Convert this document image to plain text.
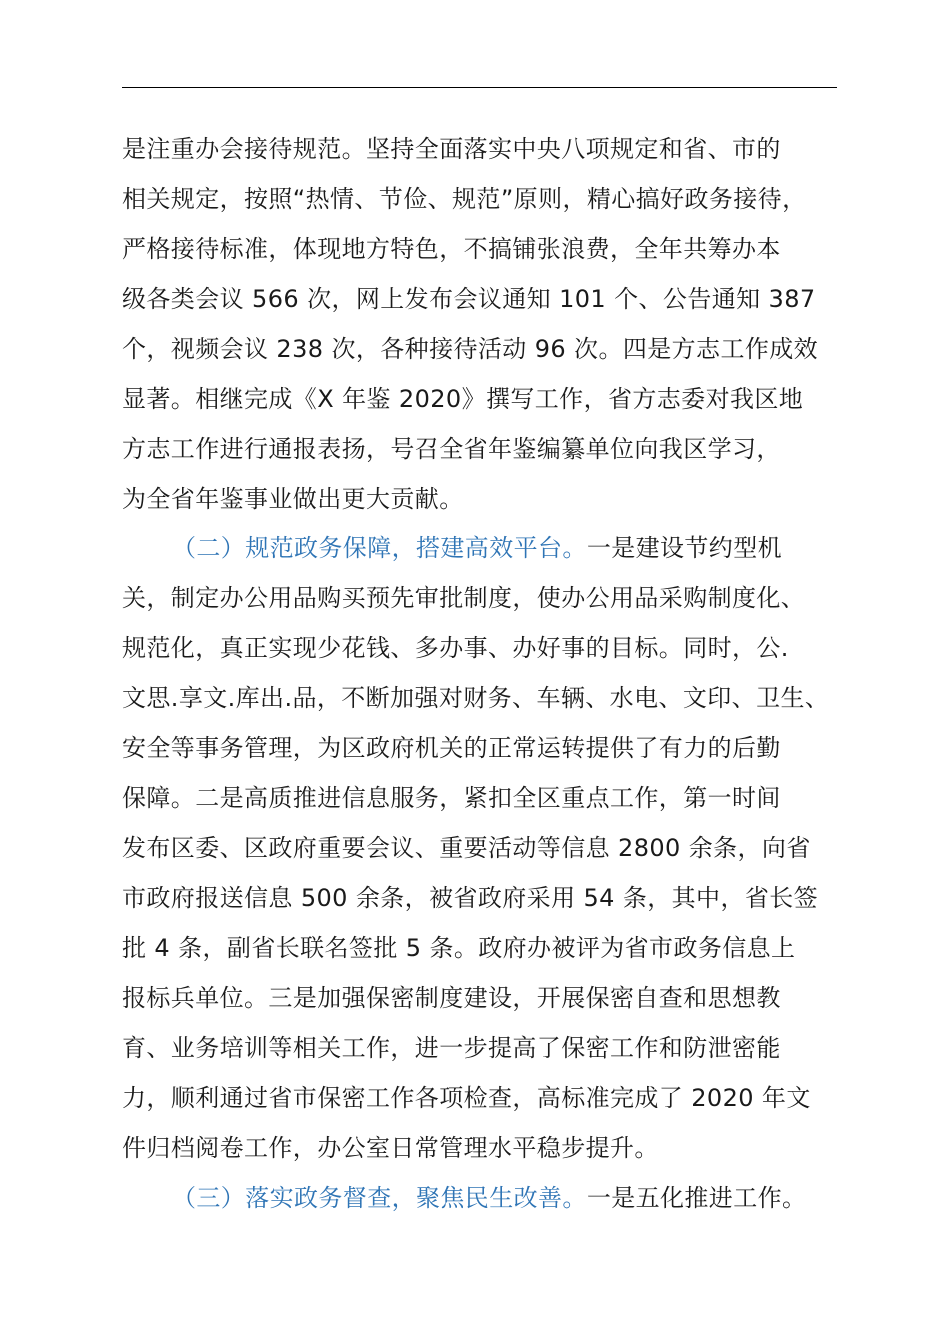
是注重办会接待规范。坚持全面落实中央八项规定和省、市的
相关规定，按照“热情、节俭、规范”原则，精心搞好政务接待，
严格接待标准，体现地方特色，不搞铺张浪费，全年共筹办本
级各类会议 566 次，网上发布会议通知 101 个、公告通知 387
个，视频会议 238 次，各种接待活动 96 次。四是方志工作成效
显著。相继完成《X 年鉴 2020》撰写工作，省方志委对我区地
方志工作进行通报表扬，号召全省年鉴编纂单位向我区学习，
为全省年鉴事业做出更大贡献。
（二）规范政务保障，搭建高效平台。一是建设节约型机
关，制定办公用品购买预先审批制度，使办公用品采购制度化、
规范化，真正实现少花钱、多办事、办好事的目标。同时，公.
文思.享文.库出.品，不断加强对财务、车辆、水电、文印、卫生、
安全等事务管理，为区政府机关的正常运转提供了有力的后勤
保障。二是高质推进信息服务，紧扣全区重点工作，第一时间
发布区委、区政府重要会议、重要活动等信息 2800 余条，向省
市政府报送信息 500 余条，被省政府采用 54 条，其中，省长签
批 4 条，副省长联名签批 5 条。政府办被评为省市政务信息上
报标兵单位。三是加强保密制度建设，开展保密自查和思想教
育、业务培训等相关工作，进一步提高了保密工作和防泄密能
力，顺利通过省市保密工作各项检查，高标准完成了 2020 年文
件归档阅卷工作，办公室日常管理水平稳步提升。
（三）落实政务督查，聚焦民生改善。一是五化推进工作。
